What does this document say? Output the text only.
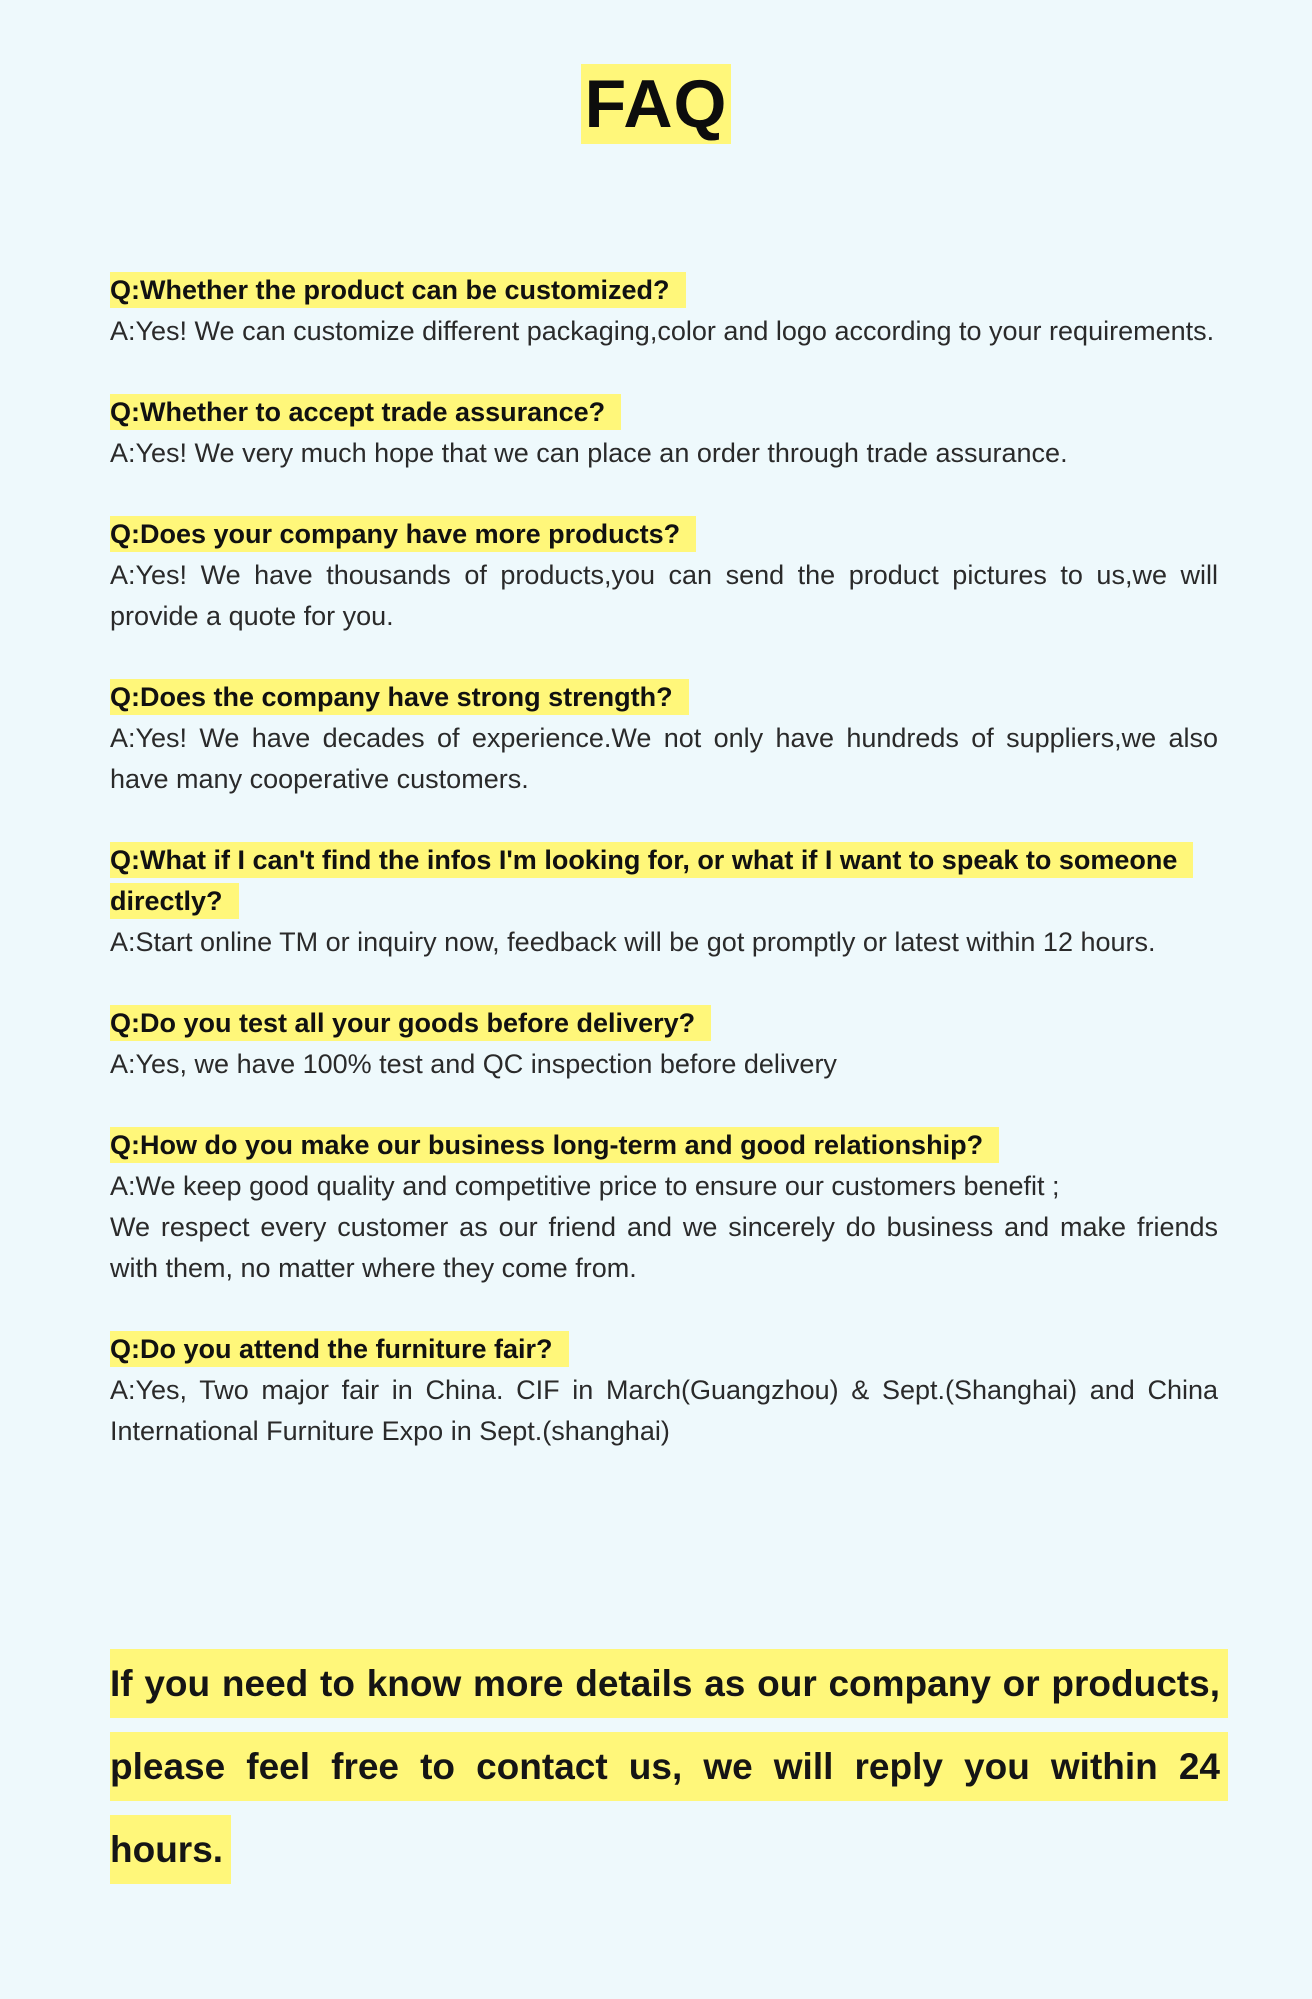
FAQ
Q:Whether the product can be customized?
A:Yes! We can customize different packaging,color and logo according to your requirements.
Q:Whether to accept trade assurance?
A:Yes! We very much hope that we can place an order through trade assurance.
Q:Does your company have more products?
A:Yes! We have thousands of products,you can send the product pictures to us,we will provide a quote for you.
Q:Does the company have strong strength?
A:Yes! We have decades of experience.We not only have hundreds of suppliers,we also have many cooperative customers.
Q:What if I can't find the infos I'm looking for, or what if I want to speak to someone directly?
A:Start online TM or inquiry now, feedback will be got promptly or latest within 12 hours.
Q:Do you test all your goods before delivery?
A:Yes, we have 100% test and QC inspection before delivery
Q:How do you make our business long-term and good relationship?
A:We keep good quality and competitive price to ensure our customers benefit ;
We respect every customer as our friend and we sincerely do business and make friends with them, no matter where they come from.
Q:Do you attend the furniture fair?
A:Yes, Two major fair in China. CIF in March(Guangzhou) & Sept.(Shanghai) and China International Furniture Expo in Sept.(shanghai)
If you need to know more details as our company or products, please feel free to contact us, we will reply you within 24 hours.
